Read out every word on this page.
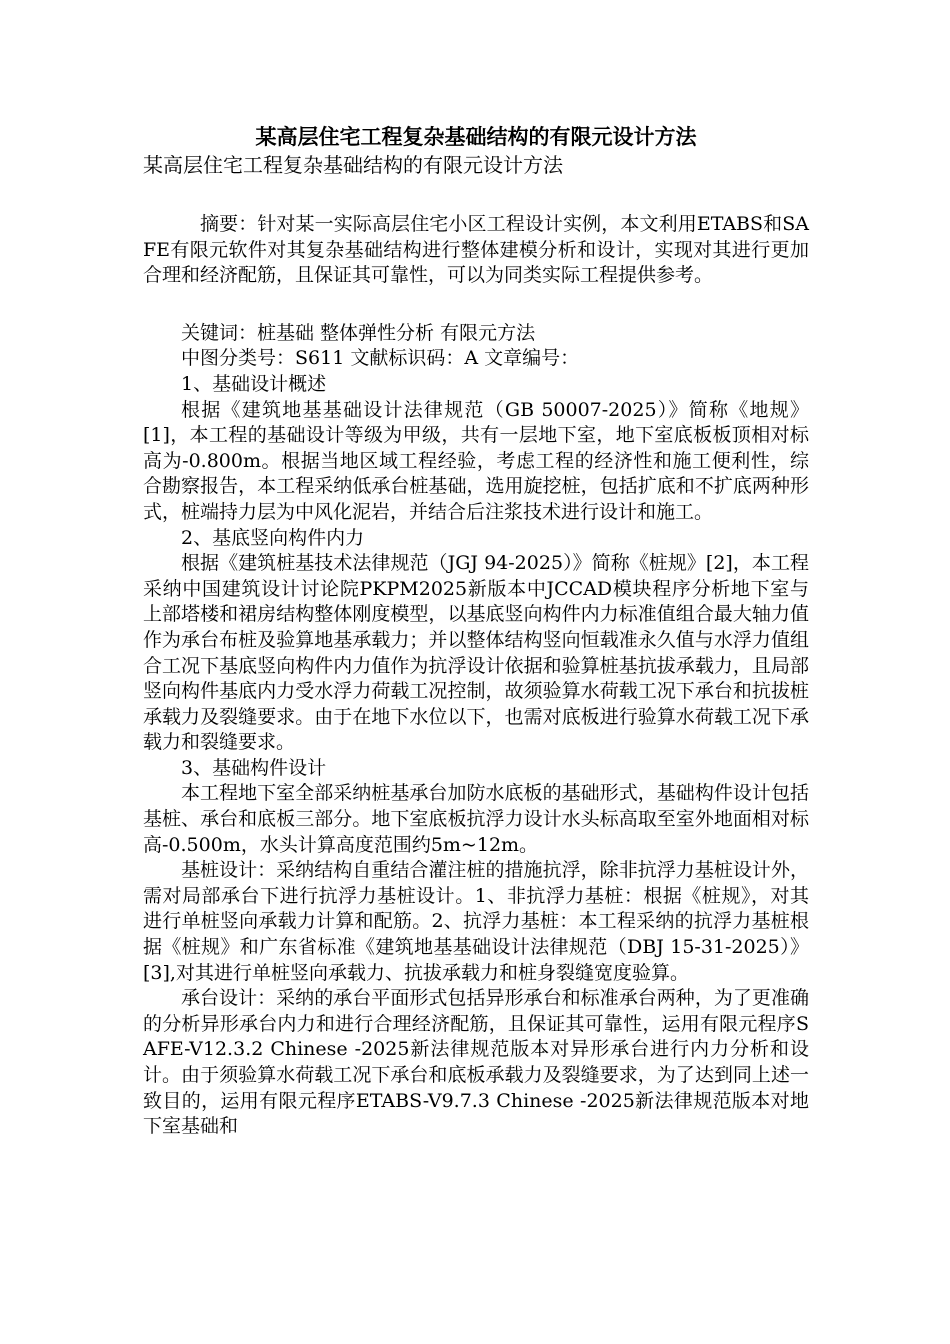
某高层住宅工程复杂基础结构的有限元设计方法

某高层住宅工程复杂基础结构的有限元设计方法

摘要：针对某一实际高层住宅小区工程设计实例，本文利用ETABS和SAFE有限元软件对其复杂基础结构进行整体建模分析和设计，实现对其进行更加合理和经济配筋，且保证其可靠性，可以为同类实际工程提供参考。

关键词：桩基础 整体弹性分析 有限元方法

中图分类号：S611 文献标识码：A 文章编号：

1、基础设计概述

根据《建筑地基基础设计法律规范（GB 50007-2025）》简称《地规》[1]，本工程的基础设计等级为甲级，共有一层地下室，地下室底板板顶相对标高为-0.800m。根据当地区域工程经验，考虑工程的经济性和施工便利性，综合勘察报告，本工程采纳低承台桩基础，选用旋挖桩，包括扩底和不扩底两种形式，桩端持力层为中风化泥岩，并结合后注浆技术进行设计和施工。

2、基底竖向构件内力

根据《建筑桩基技术法律规范（JGJ 94-2025）》简称《桩规》[2]，本工程采纳中国建筑设计讨论院PKPM2025新版本中JCCAD模块程序分析地下室与上部塔楼和裙房结构整体刚度模型，以基底竖向构件内力标准值组合最大轴力值作为承台布桩及验算地基承载力；并以整体结构竖向恒载准永久值与水浮力值组合工况下基底竖向构件内力值作为抗浮设计依据和验算桩基抗拔承载力，且局部竖向构件基底内力受水浮力荷载工况控制，故须验算水荷载工况下承台和抗拔桩承载力及裂缝要求。由于在地下水位以下，也需对底板进行验算水荷载工况下承载力和裂缝要求。

3、基础构件设计

本工程地下室全部采纳桩基承台加防水底板的基础形式，基础构件设计包括基桩、承台和底板三部分。地下室底板抗浮力设计水头标高取至室外地面相对标高-0.500m，水头计算高度范围约5m~12m。

基桩设计：采纳结构自重结合灌注桩的措施抗浮，除非抗浮力基桩设计外，需对局部承台下进行抗浮力基桩设计。1、非抗浮力基桩：根据《桩规》，对其进行单桩竖向承载力计算和配筋。2、抗浮力基桩：本工程采纳的抗浮力基桩根据《桩规》和广东省标准《建筑地基基础设计法律规范（DBJ 15-31-2025）》[3],对其进行单桩竖向承载力、抗拔承载力和桩身裂缝宽度验算。

承台设计：采纳的承台平面形式包括异形承台和标准承台两种，为了更准确的分析异形承台内力和进行合理经济配筋，且保证其可靠性，运用有限元程序SAFE-V12.3.2 Chinese -2025新法律规范版本对异形承台进行内力分析和设计。由于须验算水荷载工况下承台和底板承载力及裂缝要求，为了达到同上述一致目的，运用有限元程序ETABS-V9.7.3 Chinese -2025新法律规范版本对地下室基础和
